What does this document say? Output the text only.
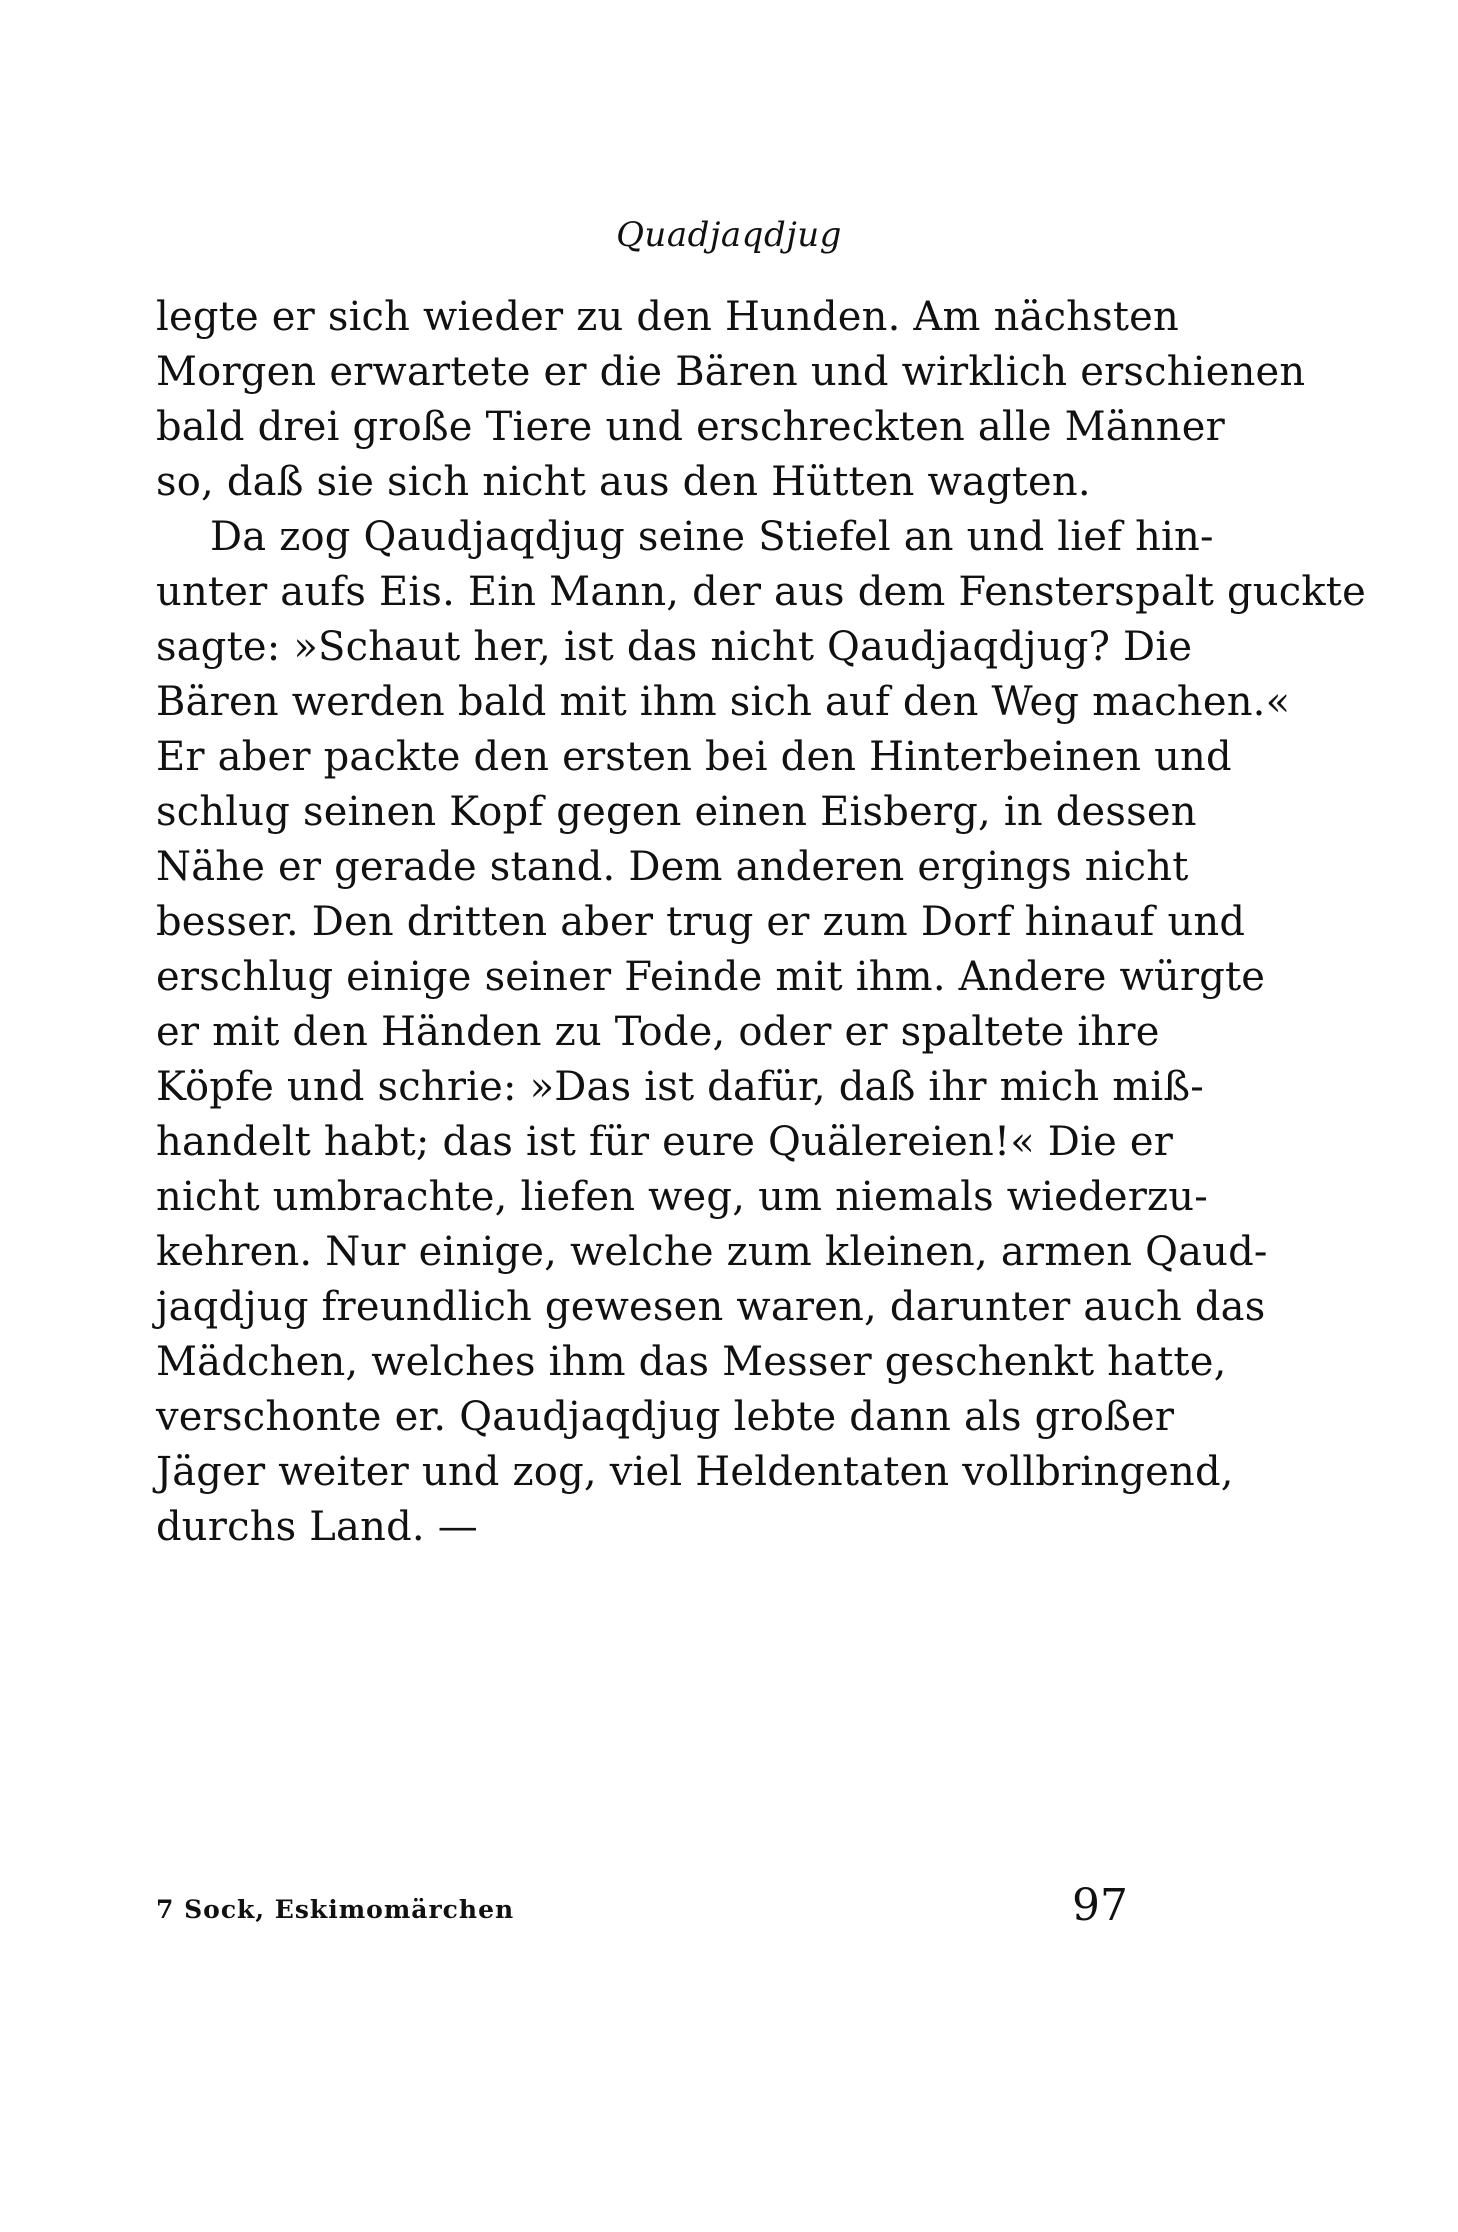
Quadjaqdjug
legte er sich wieder zu den Hunden. Am nächsten
Morgen erwartete er die Bären und wirklich erschienen
bald drei große Tiere und erschreckten alle Männer
so, daß sie sich nicht aus den Hütten wagten.
Da zog Qaudjaqdjug seine Stiefel an und lief hin-
unter aufs Eis. Ein Mann, der aus dem Fensterspalt guckte
sagte: »Schaut her, ist das nicht Qaudjaqdjug? Die
Bären werden bald mit ihm sich auf den Weg machen.«
Er aber packte den ersten bei den Hinterbeinen und
schlug seinen Kopf gegen einen Eisberg, in dessen
Nähe er gerade stand. Dem anderen ergings nicht
besser. Den dritten aber trug er zum Dorf hinauf und
erschlug einige seiner Feinde mit ihm. Andere würgte
er mit den Händen zu Tode, oder er spaltete ihre
Köpfe und schrie: »Das ist dafür, daß ihr mich miß-
handelt habt; das ist für eure Quälereien!« Die er
nicht umbrachte, liefen weg, um niemals wiederzu-
kehren. Nur einige, welche zum kleinen, armen Qaud-
jaqdjug freundlich gewesen waren, darunter auch das
Mädchen, welches ihm das Messer geschenkt hatte,
verschonte er. Qaudjaqdjug lebte dann als großer
Jäger weiter und zog, viel Heldentaten vollbringend,
durchs Land. —
7 Sock, Eskimomärchen	97
